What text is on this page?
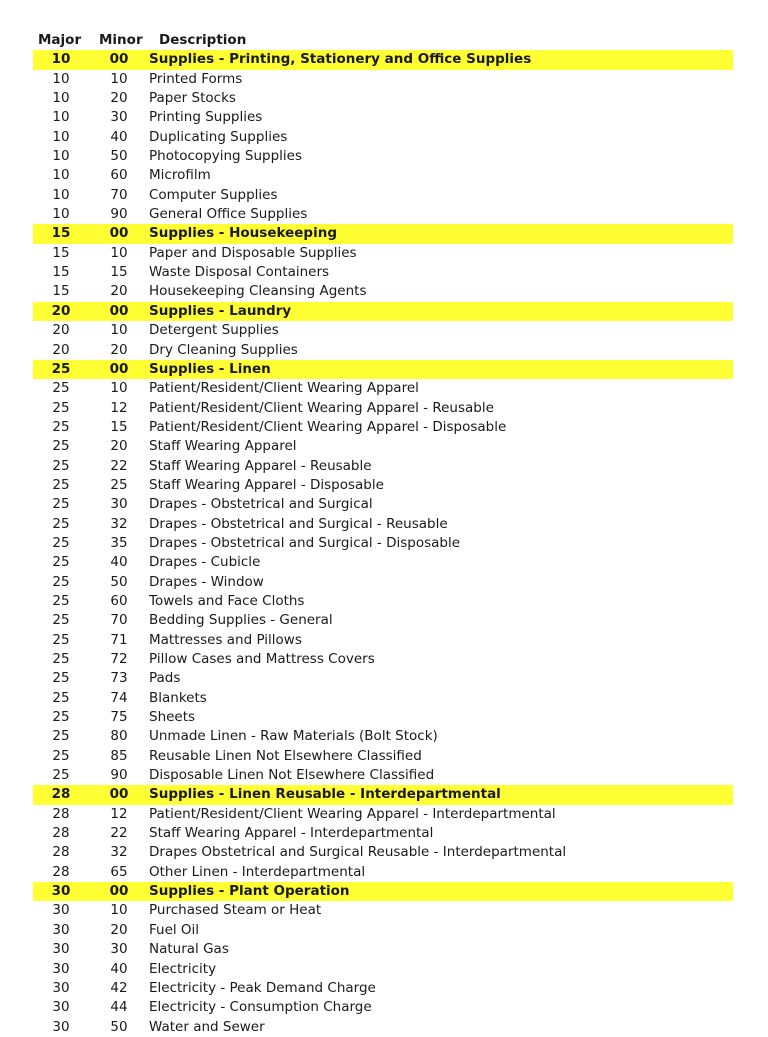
Major	Minor	Description
10	00	Supplies - Printing, Stationery and Office Supplies
10	10	Printed Forms
10	20	Paper Stocks
10	30	Printing Supplies
10	40	Duplicating Supplies
10	50	Photocopying Supplies
10	60	Microfilm
10	70	Computer Supplies
10	90	General Office Supplies
15	00	Supplies - Housekeeping
15	10	Paper and Disposable Supplies
15	15	Waste Disposal Containers
15	20	Housekeeping Cleansing Agents
20	00	Supplies - Laundry
20	10	Detergent Supplies
20	20	Dry Cleaning Supplies
25	00	Supplies - Linen
25	10	Patient/Resident/Client Wearing Apparel
25	12	Patient/Resident/Client Wearing Apparel - Reusable
25	15	Patient/Resident/Client Wearing Apparel - Disposable
25	20	Staff Wearing Apparel
25	22	Staff Wearing Apparel - Reusable
25	25	Staff Wearing Apparel - Disposable
25	30	Drapes - Obstetrical and Surgical
25	32	Drapes - Obstetrical and Surgical - Reusable
25	35	Drapes - Obstetrical and Surgical - Disposable
25	40	Drapes - Cubicle
25	50	Drapes - Window
25	60	Towels and Face Cloths
25	70	Bedding Supplies - General
25	71	Mattresses and Pillows
25	72	Pillow Cases and Mattress Covers
25	73	Pads
25	74	Blankets
25	75	Sheets
25	80	Unmade Linen - Raw Materials (Bolt Stock)
25	85	Reusable Linen Not Elsewhere Classified
25	90	Disposable Linen Not Elsewhere Classified
28	00	Supplies - Linen Reusable - Interdepartmental
28	12	Patient/Resident/Client Wearing Apparel - Interdepartmental
28	22	Staff Wearing Apparel - Interdepartmental
28	32	Drapes Obstetrical and Surgical Reusable - Interdepartmental
28	65	Other Linen - Interdepartmental
30	00	Supplies - Plant Operation
30	10	Purchased Steam or Heat
30	20	Fuel Oil
30	30	Natural Gas
30	40	Electricity
30	42	Electricity - Peak Demand Charge
30	44	Electricity - Consumption Charge
30	50	Water and Sewer
